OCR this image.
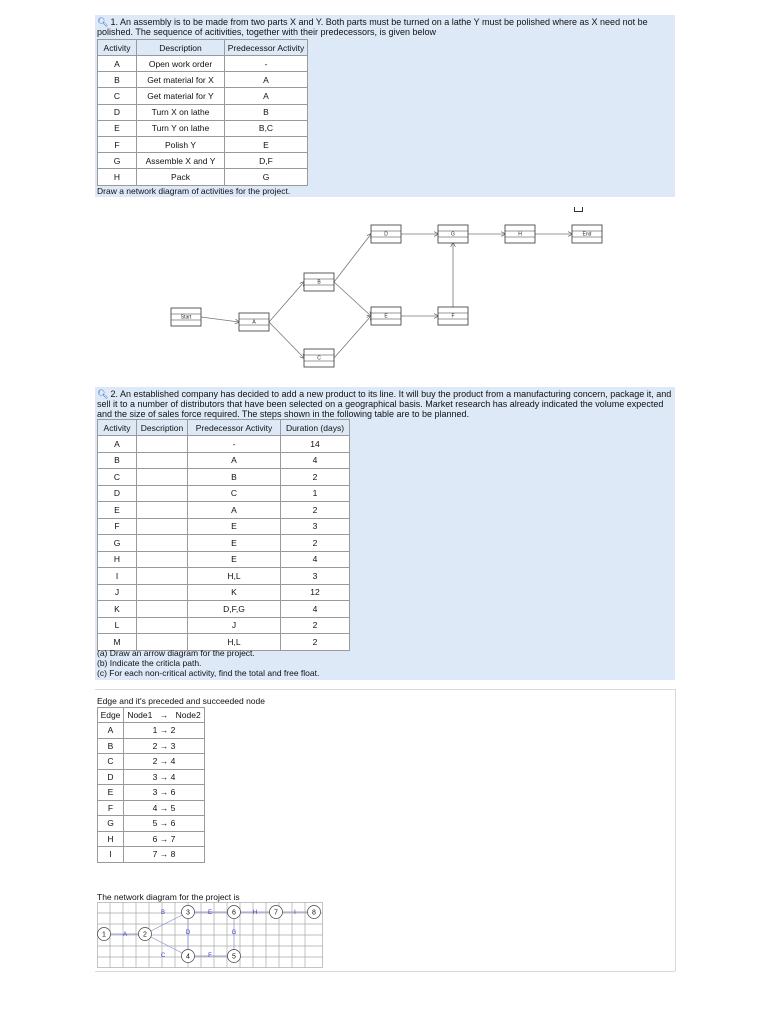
🔍︎ 1. An assembly is to be made from two parts X and Y. Both parts must be turned on a lathe Y must be polished where as X need not be polished. The sequence of acitivities, together with their predecessors, is given below
Activity	Description	Predecessor Activity
A	Open work order	-
B	Get material for X	A
C	Get material for Y	A
D	Turn X on lathe	B
E	Turn Y on lathe	B,C
F	Polish Y	E
G	Assemble X and Y	D,F
H	Pack	G
Draw a network diagram of activities for the project.
Start
A
B
C
D
E	F
G	H	End
🔍︎ 2. An established company has decided to add a new product to its line. It will buy the product from a manufacturing concern, package it, and sell it to a number of distributors that have been selected on a geographical basis. Market research has already indicated the volume expected and the size of sales force required. The steps shown in the following table are to be planned.
Activity	Description	Predecessor Activity	Duration (days)
A		-	14
B		A	4
C		B	2
D		C	1
E		A	2
F		E	3
G		E	2
H		E	4
I		H,L	3
J		K	12
K		D,F,G	4
L		J	2
M		H,L	2
(a) Draw an arrow diagram for the project.
(b) Indicate the criticla path.
(c) For each non-critical activity, find the total and free float.
Edge and it's preceded and succeeded node
Edge	Node1 → Node2
A	1 → 2
B	2 → 3
C	2 → 4
D	3 → 4
E	3 → 6
F	4 → 5
G	5 → 6
H	6 → 7
I	7 → 8
The network diagram for the project is
A
B
C
D
E
F
G
H	I
1	2
3
4	5
6	7	8
